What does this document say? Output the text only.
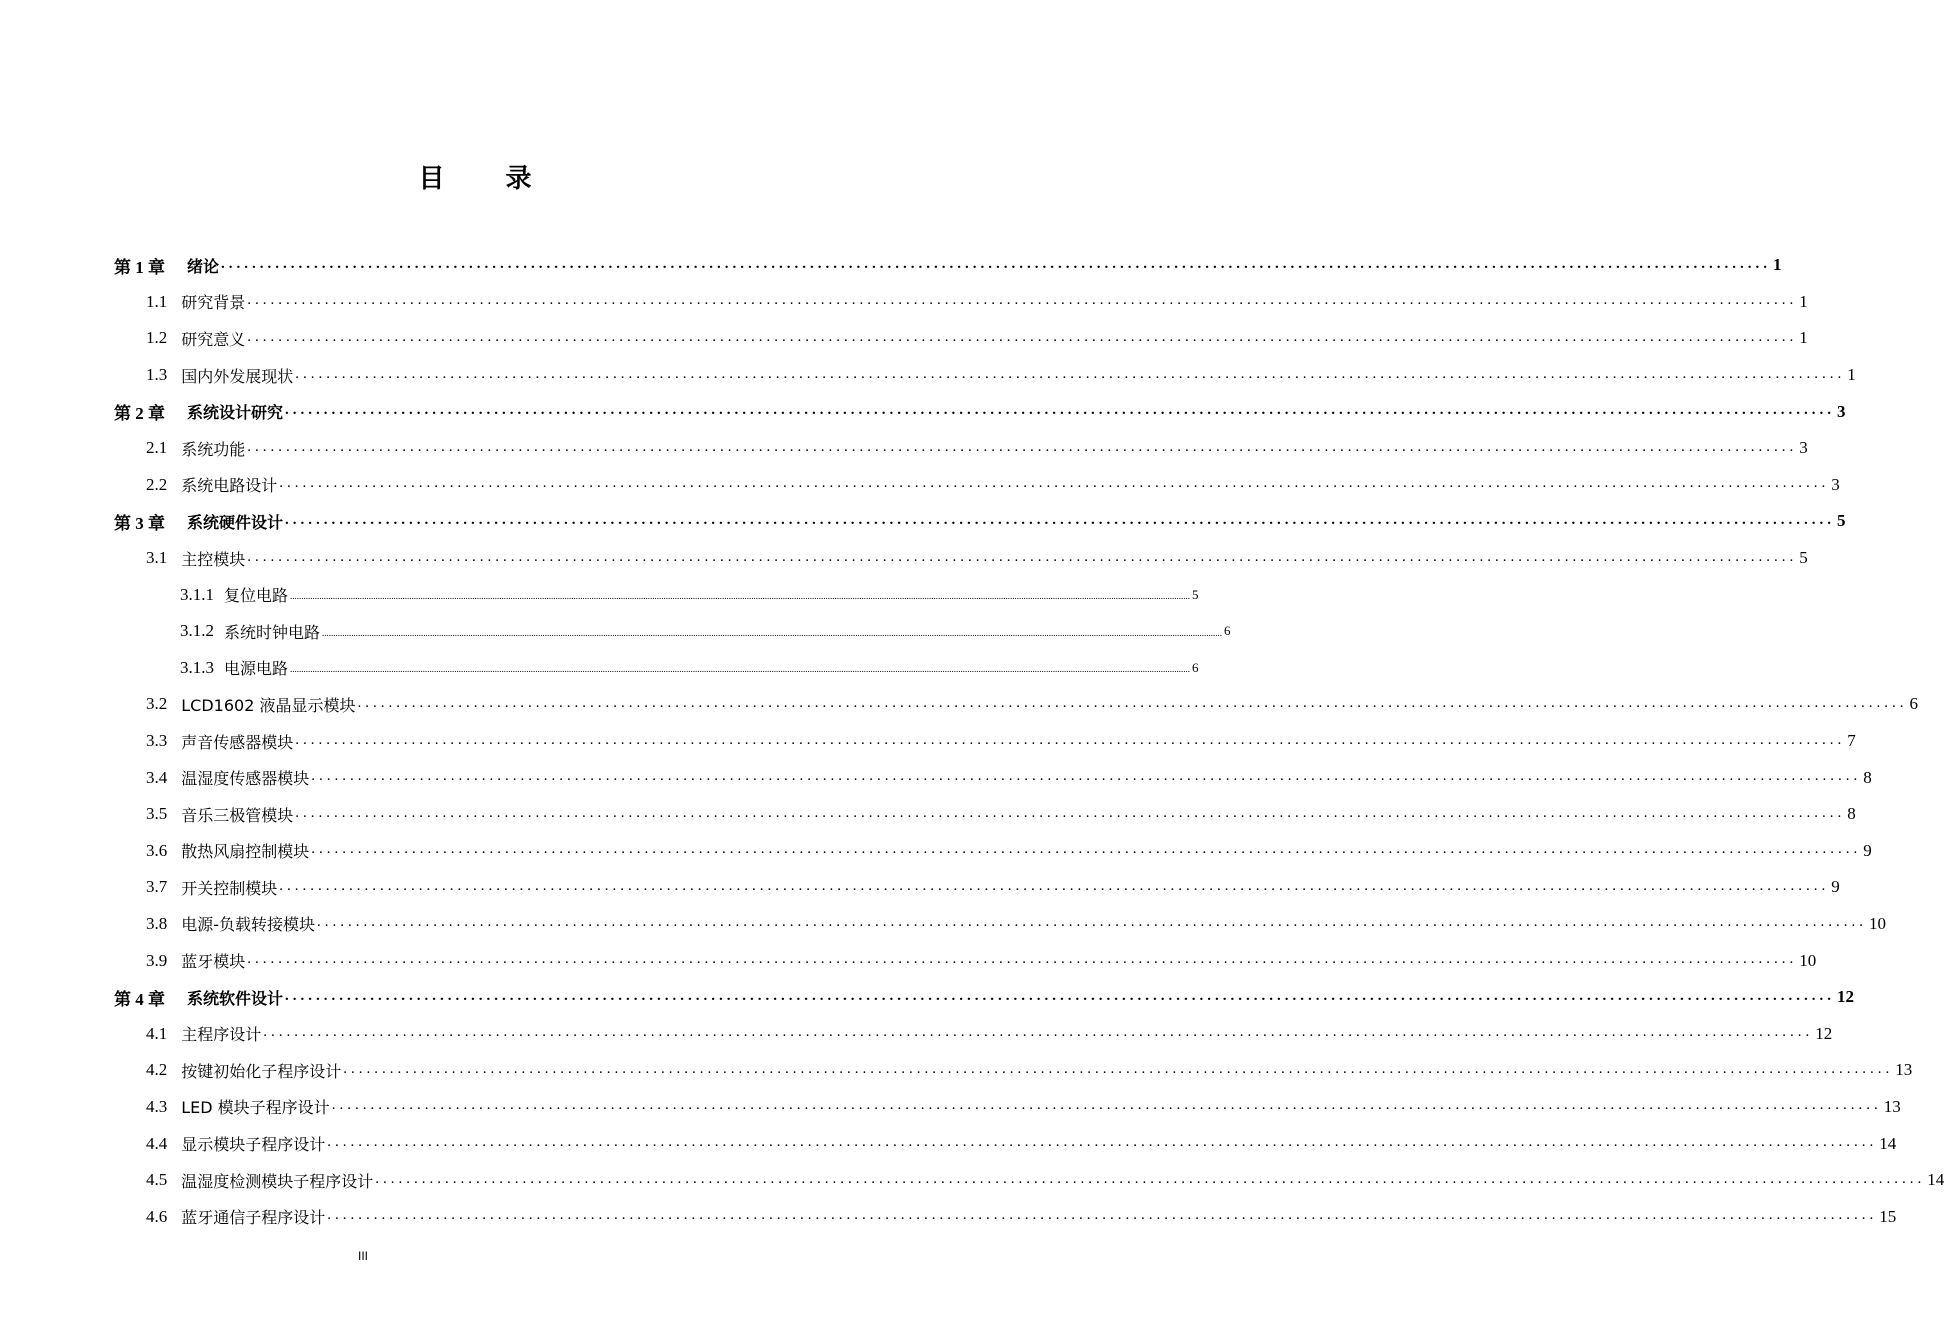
目 录
第 1 章 绪论 ........................................................................................................................................................................................................ 1
1.1 研究背景 ........................................................................................................................................................................................................ 1
1.2 研究意义 ........................................................................................................................................................................................................ 1
1.3 国内外发展现状 ........................................................................................................................................................................................................ 1
第 2 章 系统设计研究 ........................................................................................................................................................................................................ 3
2.1 系统功能 ........................................................................................................................................................................................................ 3
2.2 系统电路设计 ........................................................................................................................................................................................................ 3
第 3 章 系统硬件设计 ........................................................................................................................................................................................................ 5
3.1 主控模块 ........................................................................................................................................................................................................ 5
3.1.1 复位电路 ................................................................................................................................................................................................................................................................................................................................................................................................................ 5
3.1.2 系统时钟电路 ................................................................................................................................................................................................................................................................................................................................................................................................................ 6
3.1.3 电源电路 ................................................................................................................................................................................................................................................................................................................................................................................................................ 6
3.2 LCD1602 液晶显示模块 ........................................................................................................................................................................................................ 6
3.3 声音传感器模块 ........................................................................................................................................................................................................ 7
3.4 温湿度传感器模块 ........................................................................................................................................................................................................ 8
3.5 音乐三极管模块 ........................................................................................................................................................................................................ 8
3.6 散热风扇控制模块 ........................................................................................................................................................................................................ 9
3.7 开关控制模块 ........................................................................................................................................................................................................ 9
3.8 电源-负载转接模块 ........................................................................................................................................................................................................ 10
3.9 蓝牙模块 ........................................................................................................................................................................................................ 10
第 4 章 系统软件设计 ........................................................................................................................................................................................................ 12
4.1 主程序设计 ........................................................................................................................................................................................................ 12
4.2 按键初始化子程序设计 ........................................................................................................................................................................................................ 13
4.3 LED 模块子程序设计 ........................................................................................................................................................................................................ 13
4.4 显示模块子程序设计 ........................................................................................................................................................................................................ 14
4.5 温湿度检测模块子程序设计 ........................................................................................................................................................................................................ 14
4.6 蓝牙通信子程序设计 ........................................................................................................................................................................................................ 15
III
